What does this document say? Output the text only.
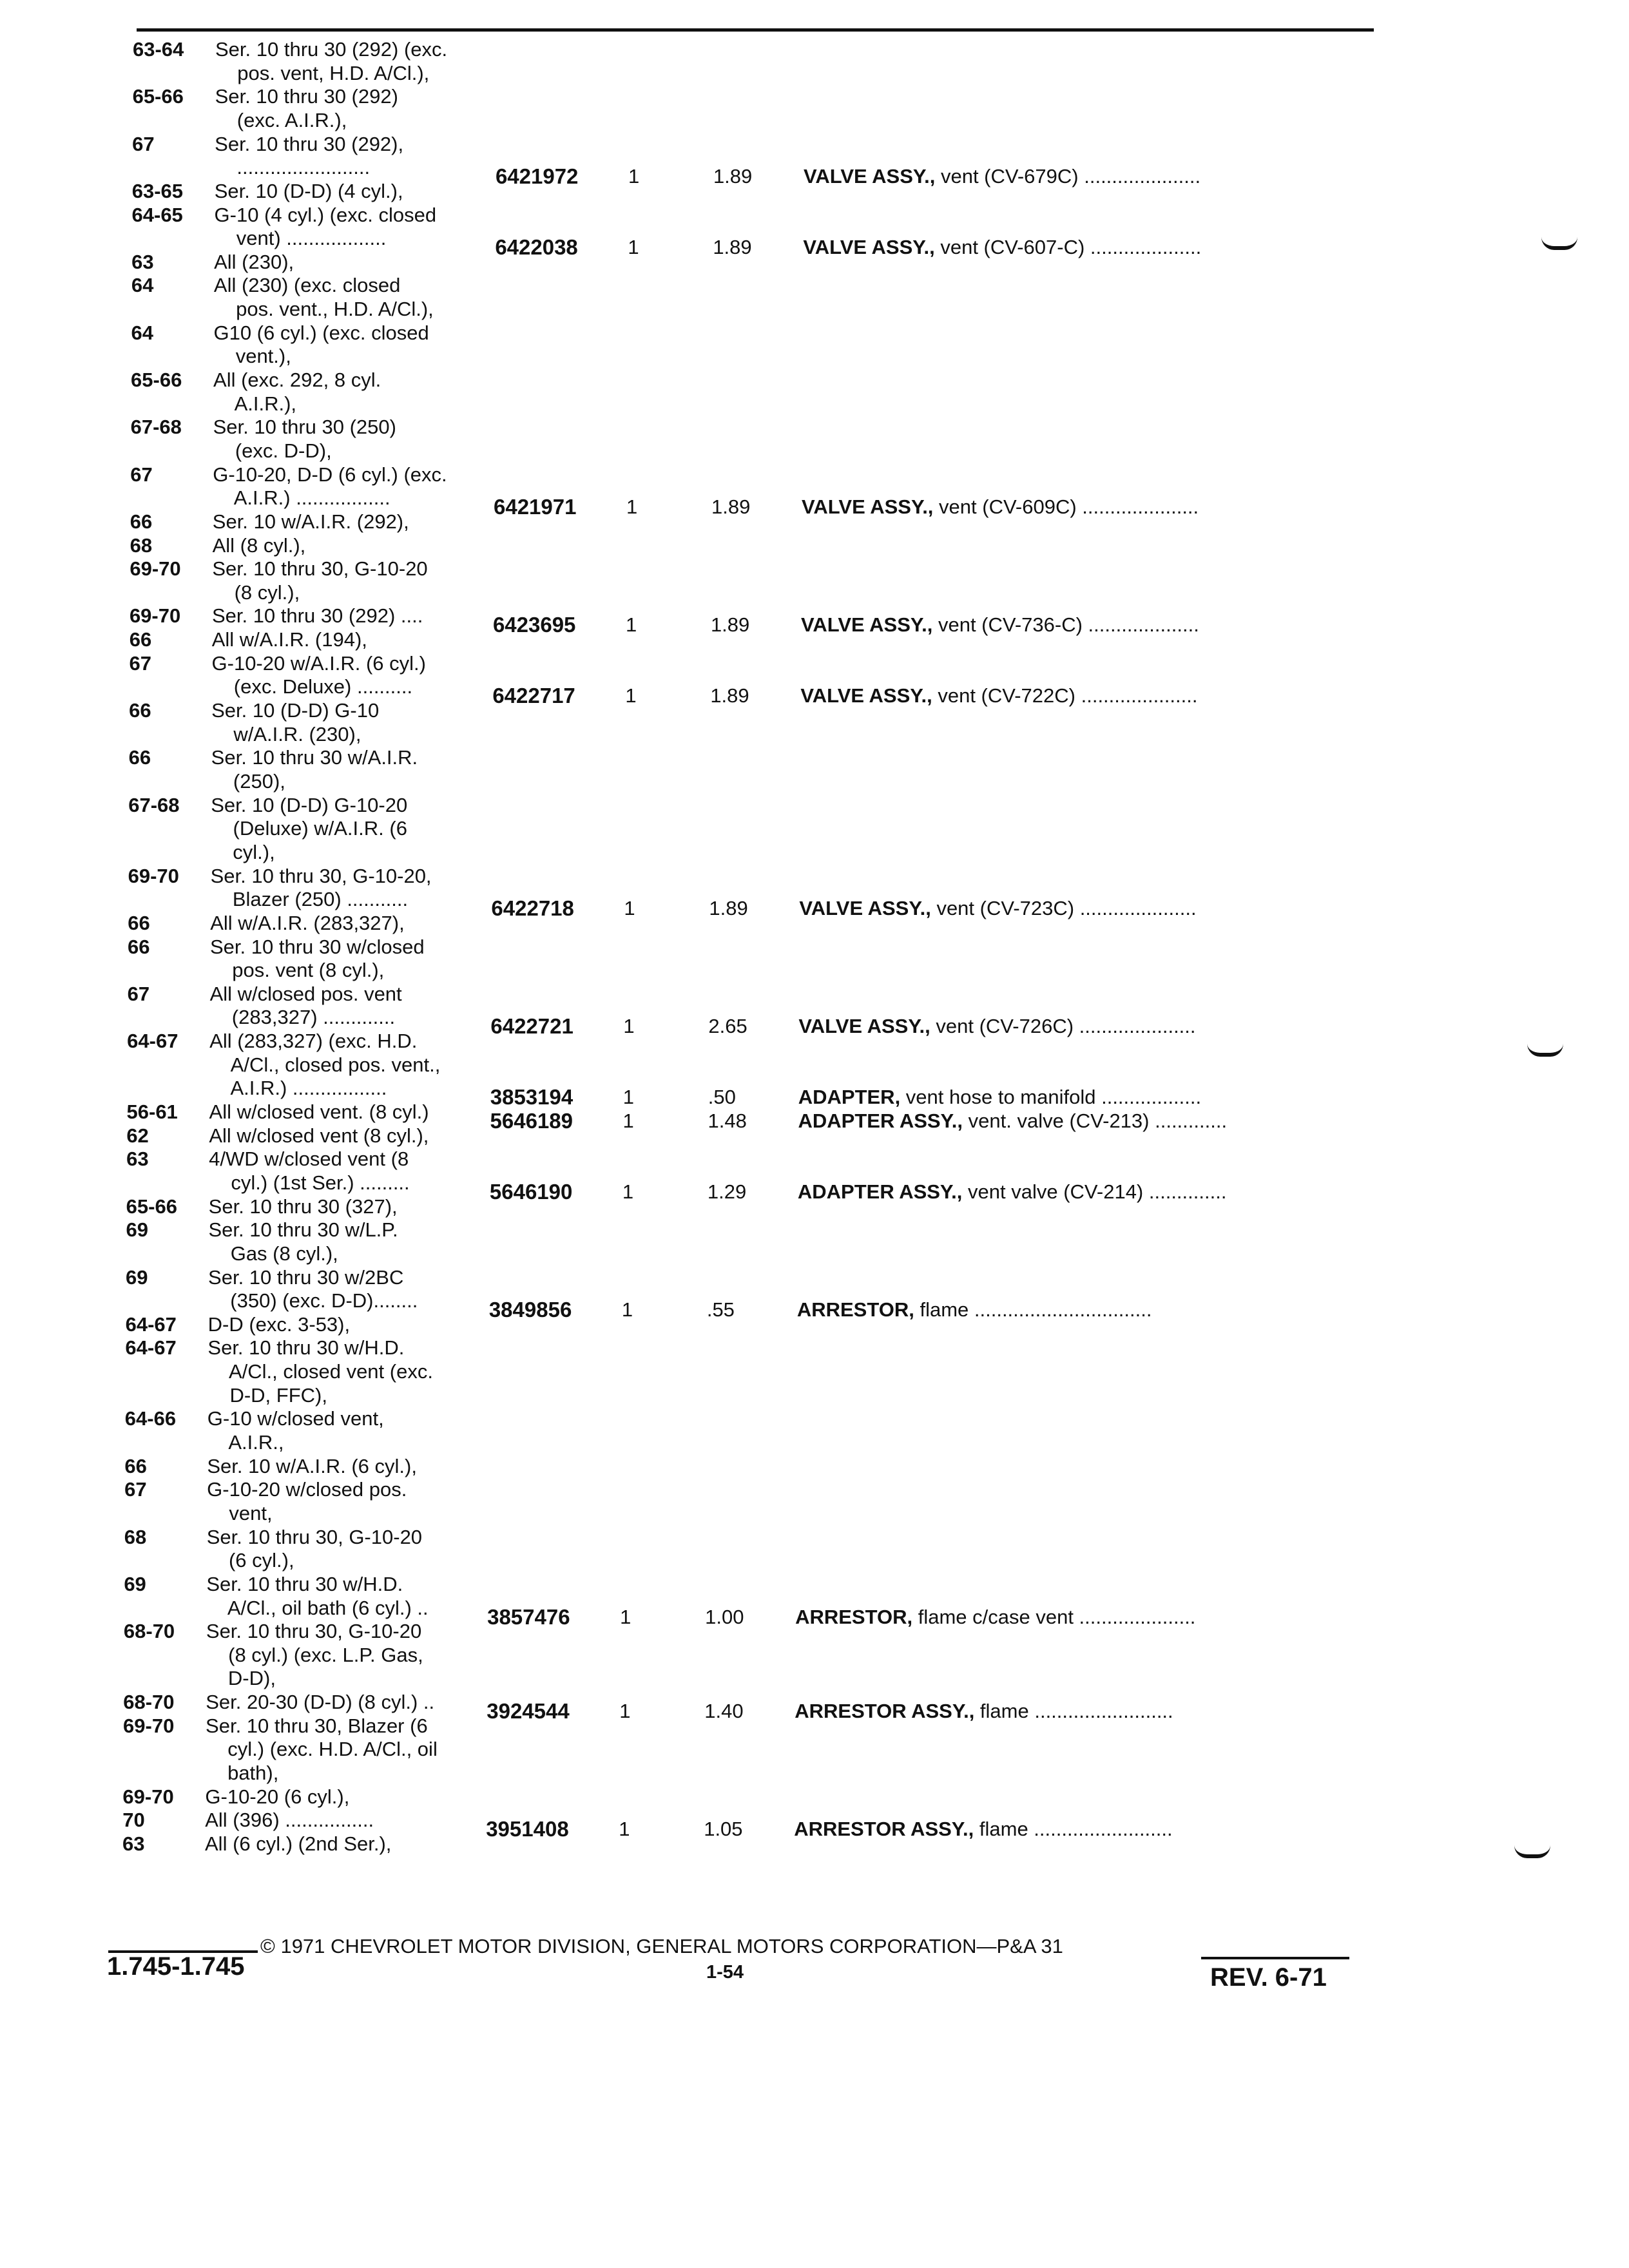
63-64 Ser. 10 thru 30 (292) (exc.
pos. vent, H.D. A/Cl.),
65-66 Ser. 10 thru 30 (292)
(exc. A.I.R.),
67	Ser. 10 thru 30 (292),
........................	6421972	1	1.89	VALVE ASSY., vent (CV-679C) .....................
63-65 Ser. 10 (D-D) (4 cyl.),
64-65 G-10 (4 cyl.) (exc. closed
vent) ..................	6422038	1	1.89	VALVE ASSY., vent (CV-607-C) ....................
63	All (230),
64	All (230) (exc. closed
pos. vent., H.D. A/Cl.),
64	G10 (6 cyl.) (exc. closed
vent.),
65-66 All (exc. 292, 8 cyl.
A.I.R.),
67-68 Ser. 10 thru 30 (250)
(exc. D-D),
67	G-10-20, D-D (6 cyl.) (exc.
A.I.R.) .................	6421971	1	1.89	VALVE ASSY., vent (CV-609C) .....................
66	Ser. 10 w/A.I.R. (292),
68	All (8 cyl.),
69-70 Ser. 10 thru 30, G-10-20
(8 cyl.),
69-70 Ser. 10 thru 30 (292) ....	6423695	1	1.89	VALVE ASSY., vent (CV-736-C) ....................
66	All w/A.I.R. (194),
67	G-10-20 w/A.I.R. (6 cyl.)
(exc. Deluxe) ..........	6422717	1	1.89	VALVE ASSY., vent (CV-722C) .....................
66	Ser. 10 (D-D) G-10
w/A.I.R. (230),
66	Ser. 10 thru 30 w/A.I.R.
(250),
67-68 Ser. 10 (D-D) G-10-20
(Deluxe) w/A.I.R. (6
cyl.),
69-70 Ser. 10 thru 30, G-10-20,
Blazer (250) ...........	6422718	1	1.89	VALVE ASSY., vent (CV-723C) .....................
66	All w/A.I.R. (283,327),
66	Ser. 10 thru 30 w/closed
pos. vent (8 cyl.),
67	All w/closed pos. vent
(283,327) .............	6422721	1	2.65	VALVE ASSY., vent (CV-726C) .....................
64-67 All (283,327) (exc. H.D.
A/Cl., closed pos. vent.,
A.I.R.) .................	3853194	1	.50	ADAPTER, vent hose to manifold ..................
56-61 All w/closed vent. (8 cyl.)	5646189	1	1.48	ADAPTER ASSY., vent. valve (CV-213) .............
62	All w/closed vent (8 cyl.),
63	4/WD w/closed vent (8
cyl.) (1st Ser.) .........	5646190	1	1.29	ADAPTER ASSY., vent valve (CV-214) ..............
65-66 Ser. 10 thru 30 (327),
69	Ser. 10 thru 30 w/L.P.
Gas (8 cyl.),
69	Ser. 10 thru 30 w/2BC
(350) (exc. D-D)........	3849856	1	.55	ARRESTOR, flame ................................
64-67 D-D (exc. 3-53),
64-67 Ser. 10 thru 30 w/H.D.
A/Cl., closed vent (exc.
D-D, FFC),
64-66 G-10 w/closed vent,
A.I.R.,
66	Ser. 10 w/A.I.R. (6 cyl.),
67	G-10-20 w/closed pos.
vent,
68	Ser. 10 thru 30, G-10-20
(6 cyl.),
69	Ser. 10 thru 30 w/H.D.
A/Cl., oil bath (6 cyl.) ..	3857476	1	1.00	ARRESTOR, flame c/case vent .....................
68-70 Ser. 10 thru 30, G-10-20
(8 cyl.) (exc. L.P. Gas,
D-D),
68-70 Ser. 20-30 (D-D) (8 cyl.) .. 3924544	1	1.40	ARRESTOR ASSY., flame .........................
69-70 Ser. 10 thru 30, Blazer (6
cyl.) (exc. H.D. A/Cl., oil
bath),
69-70 G-10-20 (6 cyl.),
70	All (396) ................	3951408	1	1.05	ARRESTOR ASSY., flame .........................
63	All (6 cyl.) (2nd Ser.),
© 1971 CHEVROLET MOTOR DIVISION, GENERAL MOTORS CORPORATION—P&A 31
1.745-1.745	1-54	REV. 6-71
